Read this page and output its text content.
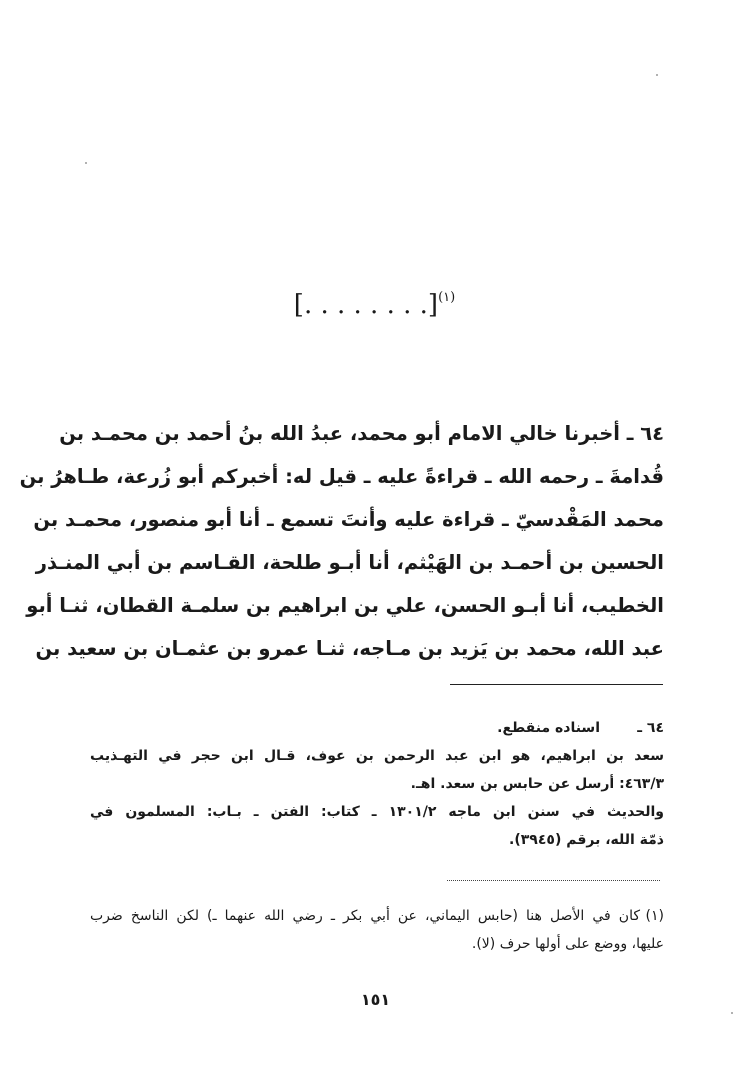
[. . . . . . . .]$^{(١)}$
٦٤ ـ أخبرنا خالي الامام أبو محمد، عبدُ الله بنُ أحمد بن محمـد بن
قُدامةَ ـ رحمه الله ـ قراءةً عليه ـ قيل له: أخبركم أبو زُرعة، طـاهرُ بن
محمد المَقْدسيّ ـ قراءة عليه وأنتَ تسمع ـ أنا أبو منصور، محمـد بن
الحسين بن أحمـد بن الهَيْثم، أنا أبـو طلحة، القـاسم بن أبي المنـذر
الخطيب، أنا أبـو الحسن، علي بن ابراهيم بن سلمـة القطان، ثنـا أبو
عبد الله، محمد بن يَزيد بن مـاجه، ثنـا عمرو بن عثمـان بن سعيد بن
٦٤ ـاسناده منقطع.
سعد بن ابراهيم، هو ابن عبد الرحمن بن عوف، قـال ابن حجر في التهـذيب
٤٦٣/٣: أرسل عن حابس بن سعد. اهـ.
والحديث في سنن ابن ماجه ١٣٠١/٢ ـ كتاب: الفتن ـ بـاب: المسلمون في
ذمّة الله، برقم (٣٩٤٥).
(١)كان في الأصل هنا (حابس اليماني، عن أبي بكر ـ رضي الله عنهما ـ) لكن الناسخ ضرب
عليها، ووضع على أولها حرف (لا).
١٥١
